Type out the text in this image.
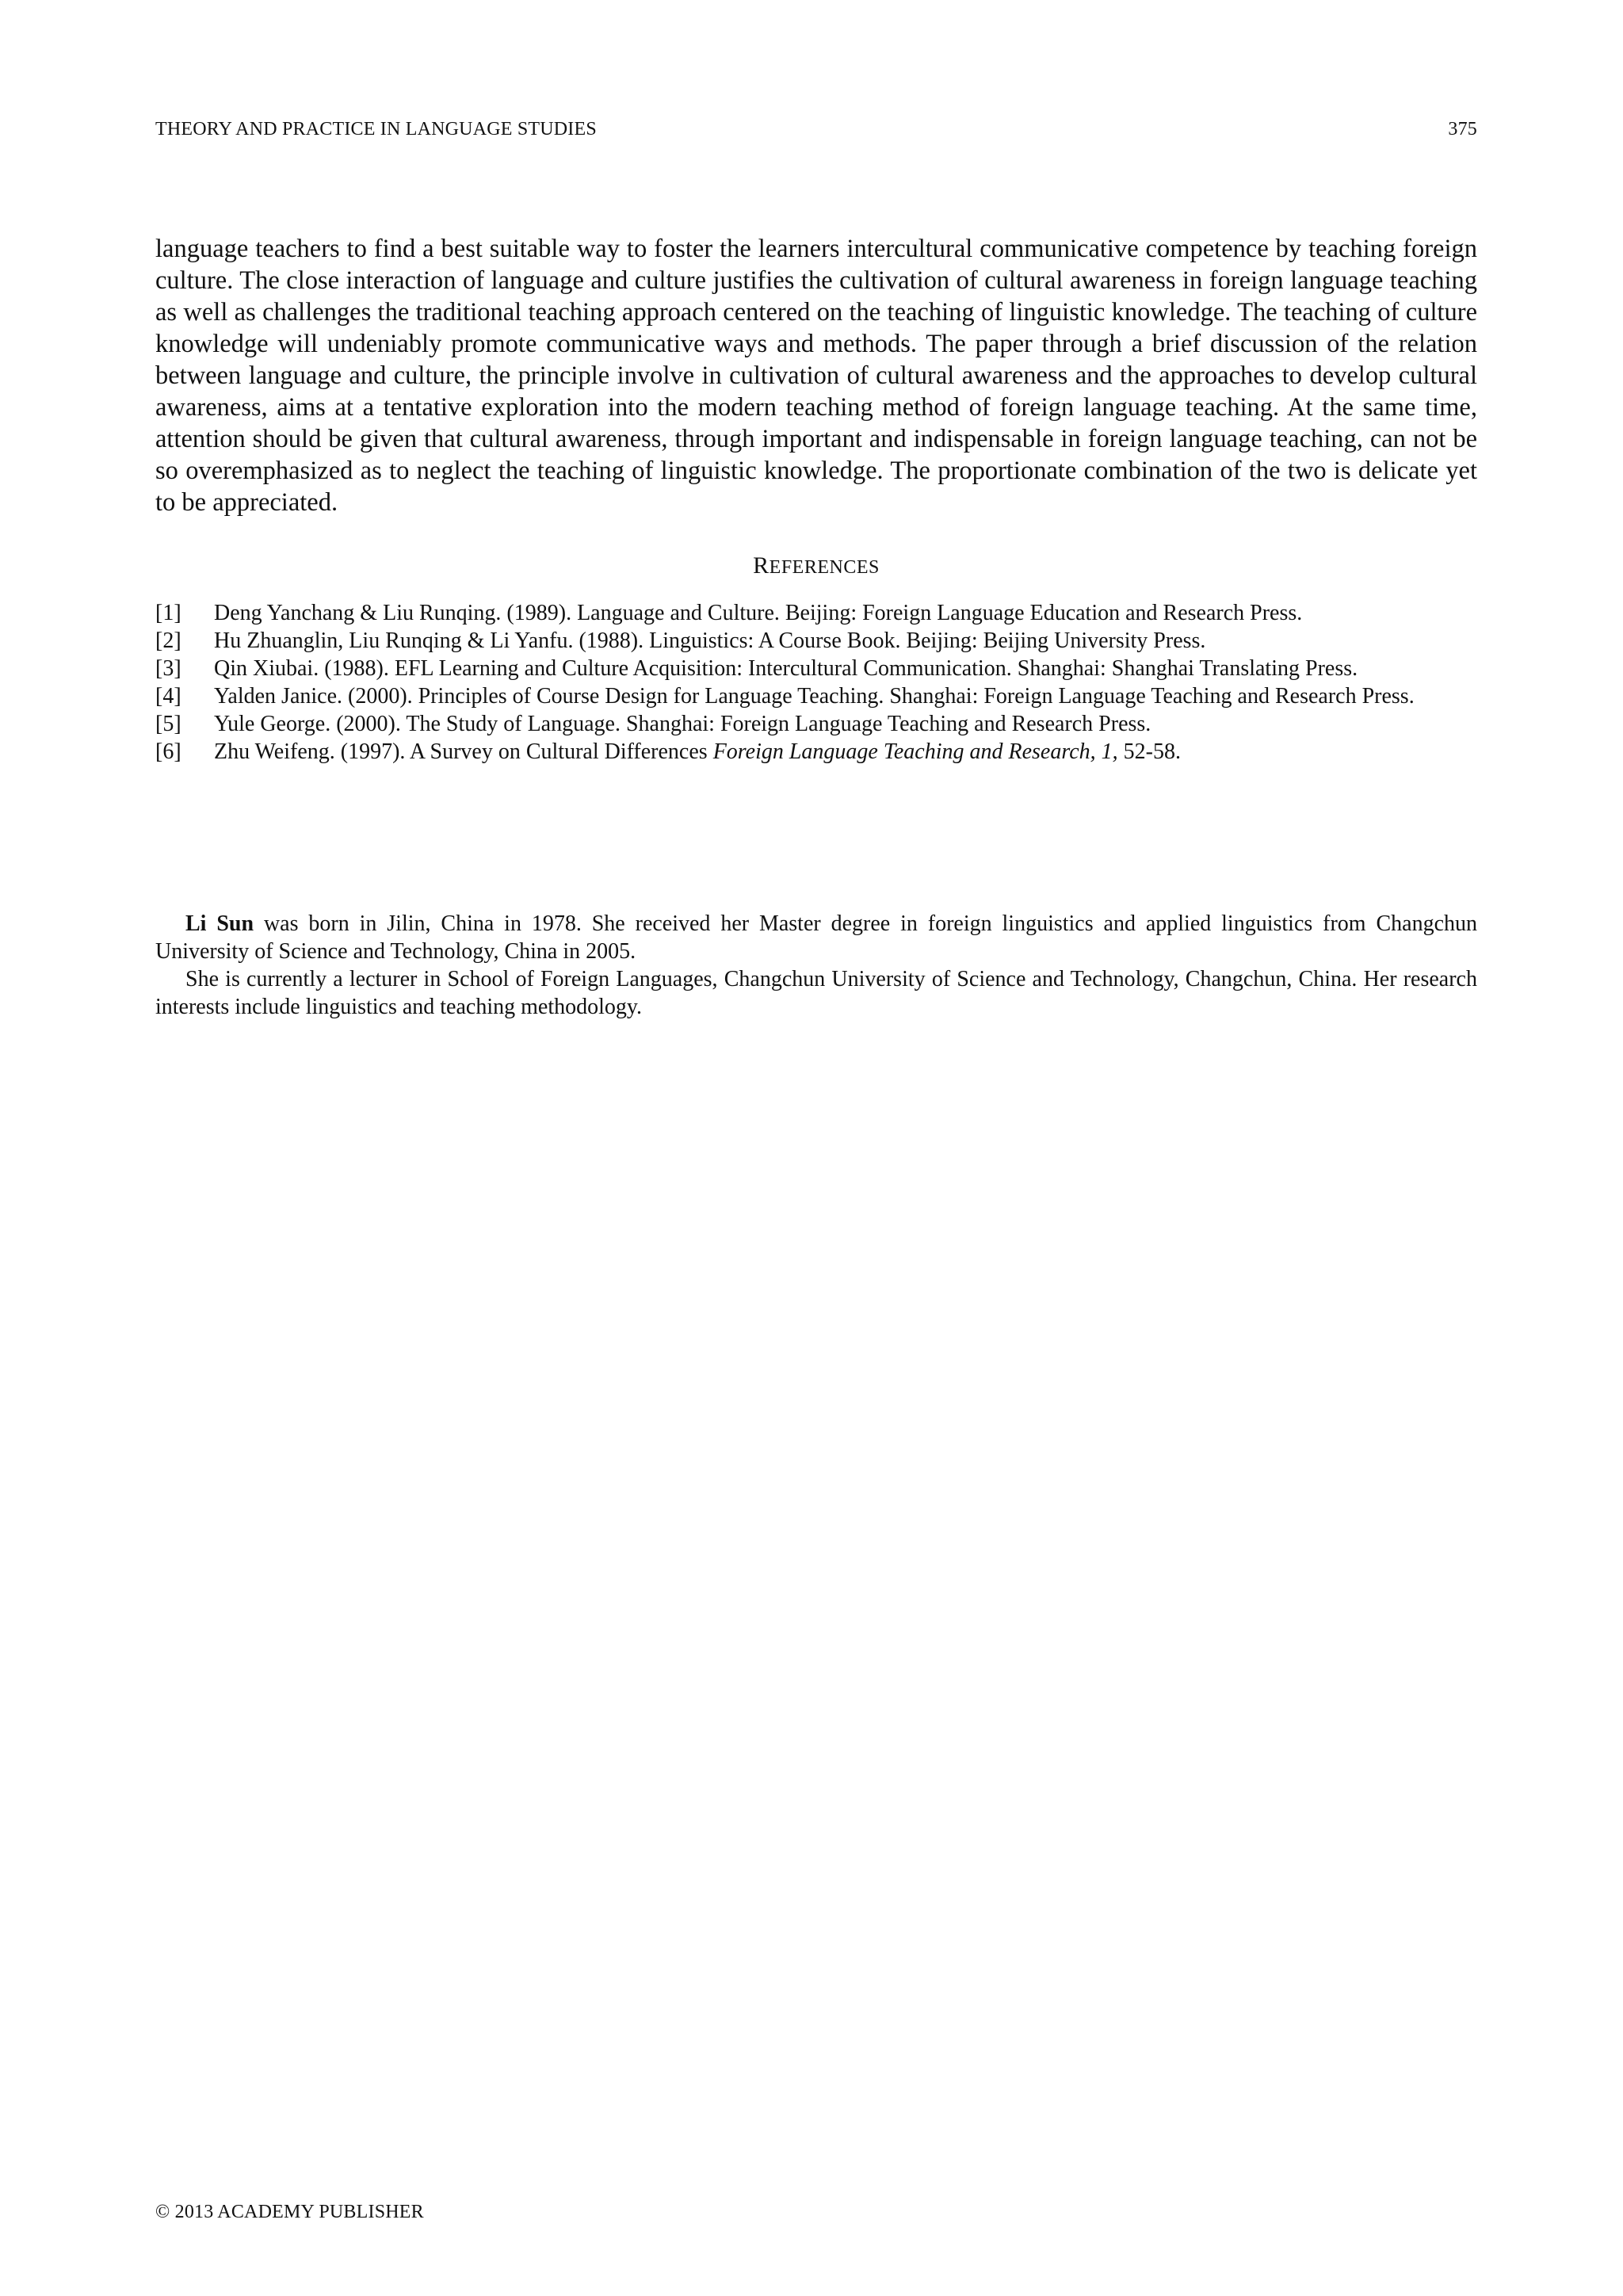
THEORY AND PRACTICE IN LANGUAGE STUDIES	375

language teachers to find a best suitable way to foster the learners intercultural communicative competence by teaching foreign culture. The close interaction of language and culture justifies the cultivation of cultural awareness in foreign language teaching as well as challenges the traditional teaching approach centered on the teaching of linguistic knowledge. The teaching of culture knowledge will undeniably promote communicative ways and methods. The paper through a brief discussion of the relation between language and culture, the principle involve in cultivation of cultural awareness and the approaches to develop cultural awareness, aims at a tentative exploration into the modern teaching method of foreign language teaching. At the same time, attention should be given that cultural awareness, through important and indispensable in foreign language teaching, can not be so overemphasized as to neglect the teaching of linguistic knowledge. The proportionate combination of the two is delicate yet to be appreciated.

REFERENCES
[1] Deng Yanchang & Liu Runqing. (1989). Language and Culture. Beijing: Foreign Language Education and Research Press.
[2] Hu Zhuanglin, Liu Runqing & Li Yanfu. (1988). Linguistics: A Course Book. Beijing: Beijing University Press.
[3] Qin Xiubai. (1988). EFL Learning and Culture Acquisition: Intercultural Communication. Shanghai: Shanghai Translating Press.
[4] Yalden Janice. (2000). Principles of Course Design for Language Teaching. Shanghai: Foreign Language Teaching and Research Press.
[5] Yule George. (2000). The Study of Language. Shanghai: Foreign Language Teaching and Research Press.
[6] Zhu Weifeng. (1997). A Survey on Cultural Differences Foreign Language Teaching and Research, 1, 52-58.

Li Sun was born in Jilin, China in 1978. She received her Master degree in foreign linguistics and applied linguistics from Changchun University of Science and Technology, China in 2005.

She is currently a lecturer in School of Foreign Languages, Changchun University of Science and Technology, Changchun, China. Her research interests include linguistics and teaching methodology.

© 2013 ACADEMY PUBLISHER
